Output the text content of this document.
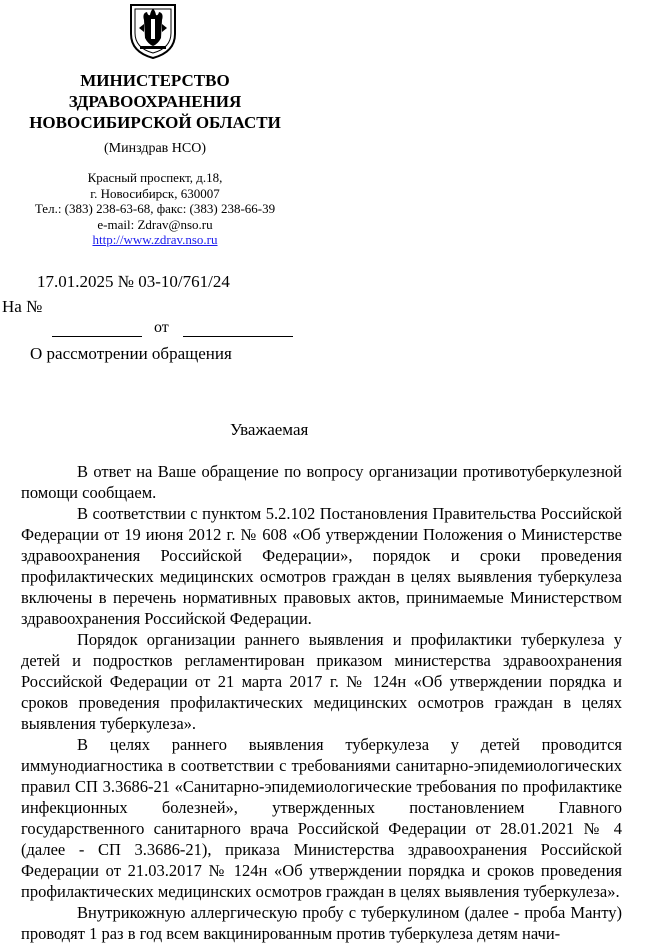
МИНИСТЕРСТВО
ЗДРАВООХРАНЕНИЯ
НОВОСИБИРСКОЙ ОБЛАСТИ
(Минздрав НСО)
Красный проспект, д.18,
г. Новосибирск, 630007
Тел.: (383) 238-63-68, факс: (383) 238-66-39
e-mail: Zdrav@nso.ru
http://www.zdrav.nso.ru
17.01.2025 № 03-10/761/24
На №
от
О рассмотрении обращения
Уважаемая

В ответ на Ваше обращение по вопросу организации противотуберкулезной помощи сообщаем.

В соответствии с пунктом 5.2.102 Постановления Правительства Российской Федерации от 19 июня 2012 г. № 608 «Об утверждении Положения о Министерстве здравоохранения Российской Федерации», порядок и сроки проведения профилактических медицинских осмотров граждан в целях выявления туберкулеза включены в перечень нормативных правовых актов, принимаемые Министерством здравоохранения Российской Федерации.

Порядок организации раннего выявления и профилактики туберкулеза у детей и подростков регламентирован приказом министерства здравоохранения Российской Федерации от 21 марта 2017 г. № 124н «Об утверждении порядка и сроков проведения профилактических медицинских осмотров граждан в целях выявления туберкулеза».

В целях раннего выявления туберкулеза у детей проводится иммунодиагностика в соответствии с требованиями санитарно-эпидемиологических правил СП 3.3686-21 «Санитарно-эпидемиологические требования по профилактике инфекционных болезней», утвержденных постановлением Главного государственного санитарного врача Российской Федерации от 28.01.2021 № 4 (далее - СП 3.3686-21), приказа Министерства здравоохранения Российской Федерации от 21.03.2017 № 124н «Об утверждении порядка и сроков проведения профилактических медицинских осмотров граждан в целях выявления туберкулеза».

Внутрикожную аллергическую пробу с туберкулином (далее - проба Манту) проводят 1 раз в год всем вакцинированным против туберкулеза детям начи-
